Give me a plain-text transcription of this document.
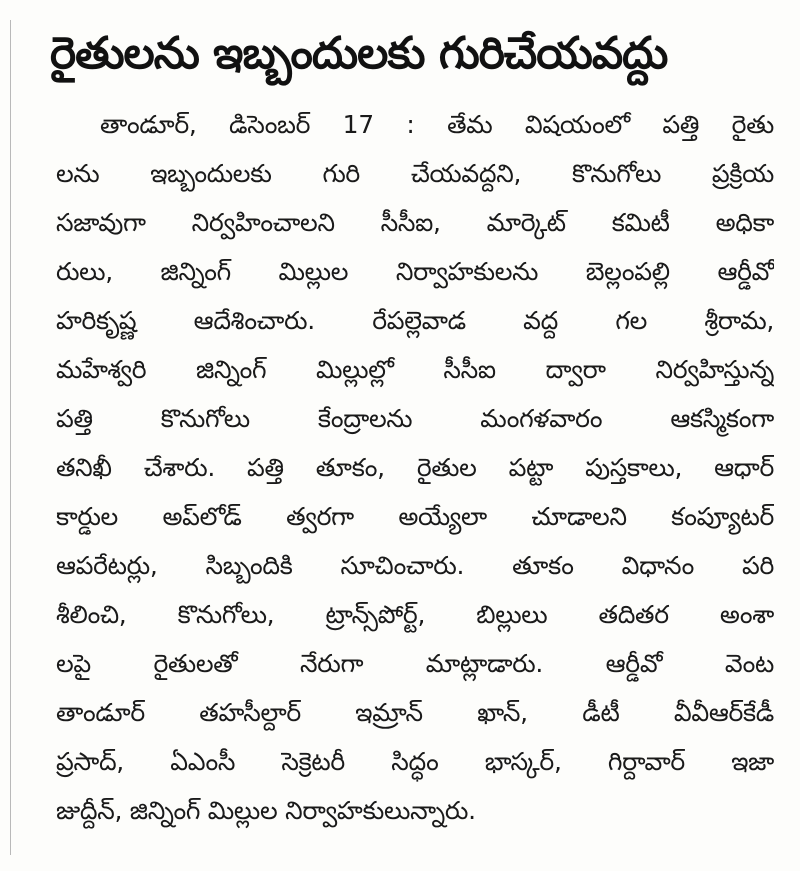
రైతులను ఇబ్బందులకు గురిచేయవద్దు
తాండూర్, డిసెంబర్ 17 : తేమ విషయంలో పత్తి రైతు
లను ఇబ్బందులకు గురి చేయవద్దని, కొనుగోలు ప్రక్రియ
సజావుగా నిర్వహించాలని సీసీఐ, మార్కెట్ కమిటీ అధికా
రులు, జిన్నింగ్ మిల్లుల నిర్వాహకులను బెల్లంపల్లి ఆర్డీవో
హరికృష్ణ ఆదేశించారు. రేపల్లెవాడ వద్ద గల శ్రీరామ,
మహేశ్వరి జిన్నింగ్ మిల్లుల్లో సీసీఐ ద్వారా నిర్వహిస్తున్న
పత్తి కొనుగోలు కేంద్రాలను మంగళవారం ఆకస్మికంగా
తనిఖీ చేశారు. పత్తి తూకం, రైతుల పట్టా పుస్తకాలు, ఆధార్
కార్డుల అప్‌లోడ్ త్వరగా అయ్యేలా చూడాలని కంప్యూటర్
ఆపరేటర్లు, సిబ్బందికి సూచించారు. తూకం విధానం పరి
శీలించి, కొనుగోలు, ట్రాన్స్‌పోర్ట్, బిల్లులు తదితర అంశా
లపై రైతులతో నేరుగా మాట్లాడారు. ఆర్డీవో వెంట
తాండూర్ తహసీల్దార్ ఇమ్రాన్ ఖాన్, డీటీ వీవీఆర్‌కేడీ
ప్రసాద్, ఏఎంసీ సెక్రెటరీ సిద్ధం భాస్కర్, గిర్దావార్ ఇజా
జుద్దీన్, జిన్నింగ్ మిల్లుల నిర్వాహకులున్నారు.
